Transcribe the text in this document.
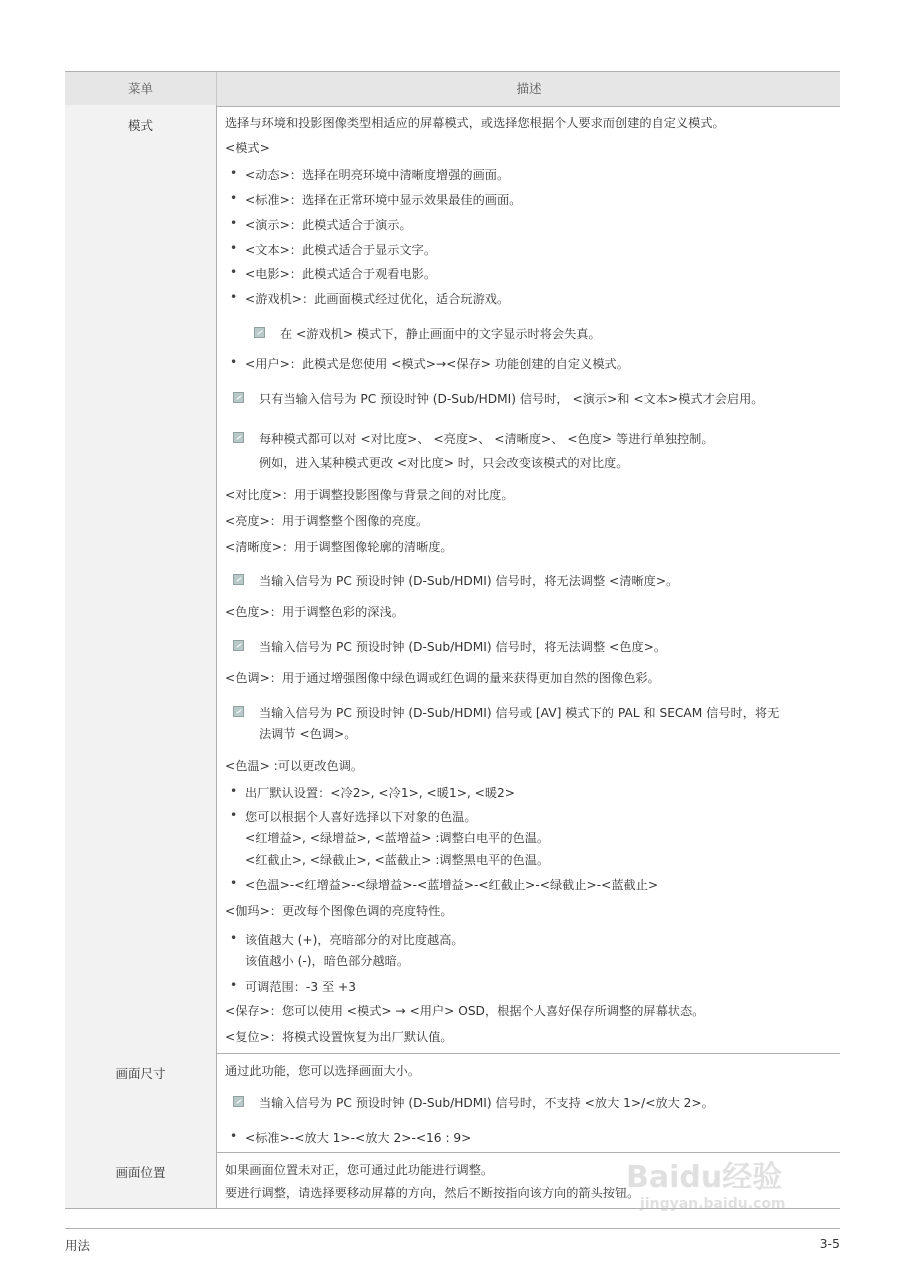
菜单	描述
模式	选择与环境和投影图像类型相适应的屏幕模式，或选择您根据个人要求而创建的自定义模式。
<模式>
• <动态>：选择在明亮环境中清晰度增强的画面。
• <标准>：选择在正常环境中显示效果最佳的画面。
• <演示>：此模式适合于演示。
• <文本>：此模式适合于显示文字。
• <电影>：此模式适合于观看电影。
• <游戏机>：此画面模式经过优化，适合玩游戏。
在 <游戏机> 模式下，静止画面中的文字显示时将会失真。
• <用户>：此模式是您使用 <模式>→<保存> 功能创建的自定义模式。
只有当输入信号为 PC 预设时钟 (D-Sub/HDMI) 信号时， <演示>和 <文本>模式才会启用。
每种模式都可以对 <对比度>、 <亮度>、 <清晰度>、 <色度> 等进行单独控制。
例如，进入某种模式更改 <对比度> 时，只会改变该模式的对比度。
<对比度>：用于调整投影图像与背景之间的对比度。
<亮度>：用于调整整个图像的亮度。
<清晰度>：用于调整图像轮廓的清晰度。
当输入信号为 PC 预设时钟 (D-Sub/HDMI) 信号时，将无法调整 <清晰度>。
<色度>：用于调整色彩的深浅。
当输入信号为 PC 预设时钟 (D-Sub/HDMI) 信号时，将无法调整 <色度>。
<色调>：用于通过增强图像中绿色调或红色调的量来获得更加自然的图像色彩。
当输入信号为 PC 预设时钟 (D-Sub/HDMI) 信号或 [AV] 模式下的 PAL 和 SECAM 信号时，将无
法调节 <色调>。
<色温> :可以更改色调。
• 出厂默认设置：<冷2>, <冷1>, <暖1>, <暖2>
• 您可以根据个人喜好选择以下对象的色温。
<红增益>, <绿增益>, <蓝增益> :调整白电平的色温。
<红截止>, <绿截止>, <蓝截止> :调整黑电平的色温。
• <色温>-<红增益>-<绿增益>-<蓝增益>-<红截止>-<绿截止>-<蓝截止>
<伽玛>：更改每个图像色调的亮度特性。
• 该值越大 (+)，亮暗部分的对比度越高。
该值越小 (-)，暗色部分越暗。
• 可调范围：-3 至 +3
<保存>：您可以使用 <模式> → <用户> OSD，根据个人喜好保存所调整的屏幕状态。
<复位>：将模式设置恢复为出厂默认值。
画面尺寸	通过此功能，您可以选择画面大小。
当输入信号为 PC 预设时钟 (D-Sub/HDMI) 信号时，不支持 <放大 1>/<放大 2>。
• <标准>-<放大 1>-<放大 2>-<16 : 9>
画面位置	如果画面位置未对正，您可通过此功能进行调整。
要进行调整，请选择要移动屏幕的方向，然后不断按指向该方向的箭头按钮。
Baidu经验
jingyan.baidu.com
用法	3-5
